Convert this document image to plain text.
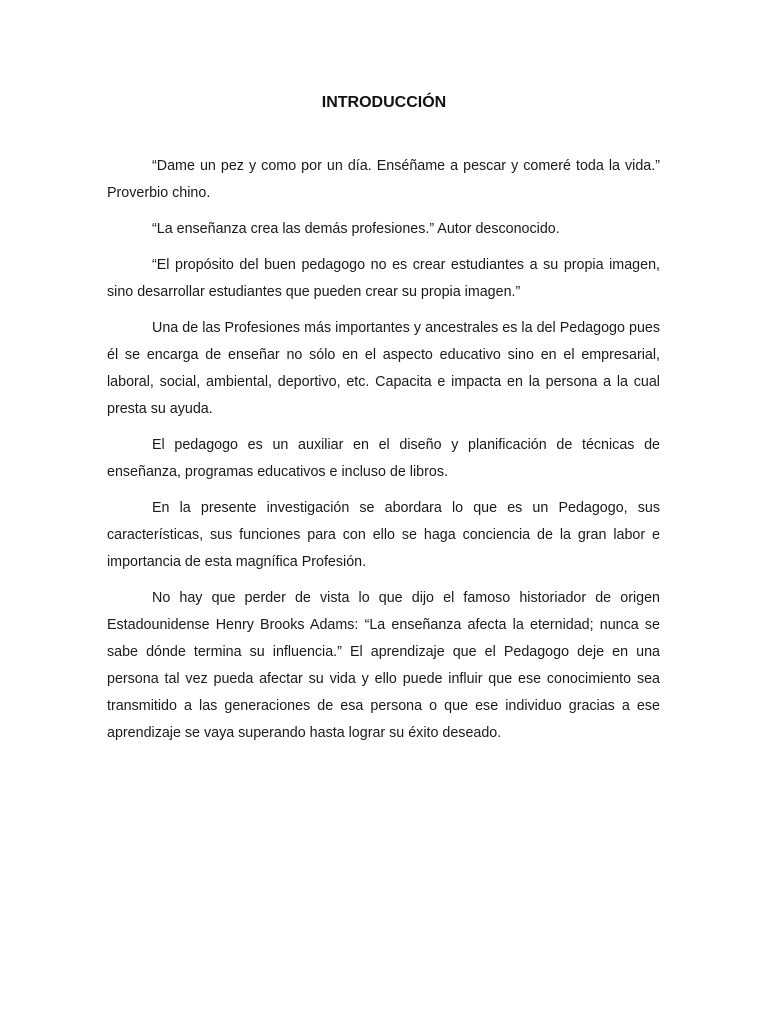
INTRODUCCIÓN

“Dame un pez y como por un día. Enséñame a pescar y comeré toda la vida.” Proverbio chino.

“La enseñanza crea las demás profesiones.” Autor desconocido.

“El propósito del buen pedagogo no es crear estudiantes a su propia imagen, sino desarrollar estudiantes que pueden crear su propia imagen.”

Una de las Profesiones más importantes y ancestrales es la del Pedagogo pues él se encarga de enseñar no sólo en el aspecto educativo sino en el empresarial, laboral, social, ambiental, deportivo, etc. Capacita e impacta en la persona a la cual presta su ayuda.

El pedagogo es un auxiliar en el diseño y planificación de técnicas de enseñanza, programas educativos e incluso de libros.

En la presente investigación se abordara lo que es un Pedagogo, sus características, sus funciones para con ello se haga conciencia de la gran labor e importancia de esta magnífica Profesión.

No hay que perder de vista lo que dijo el famoso historiador de origen Estadounidense Henry Brooks Adams: “La enseñanza afecta la eternidad; nunca se sabe dónde termina su influencia.” El aprendizaje que el Pedagogo deje en una persona tal vez pueda afectar su vida y ello puede influir que ese conocimiento sea transmitido a las generaciones de esa persona o que ese individuo gracias a ese aprendizaje se vaya superando hasta lograr su éxito deseado.
